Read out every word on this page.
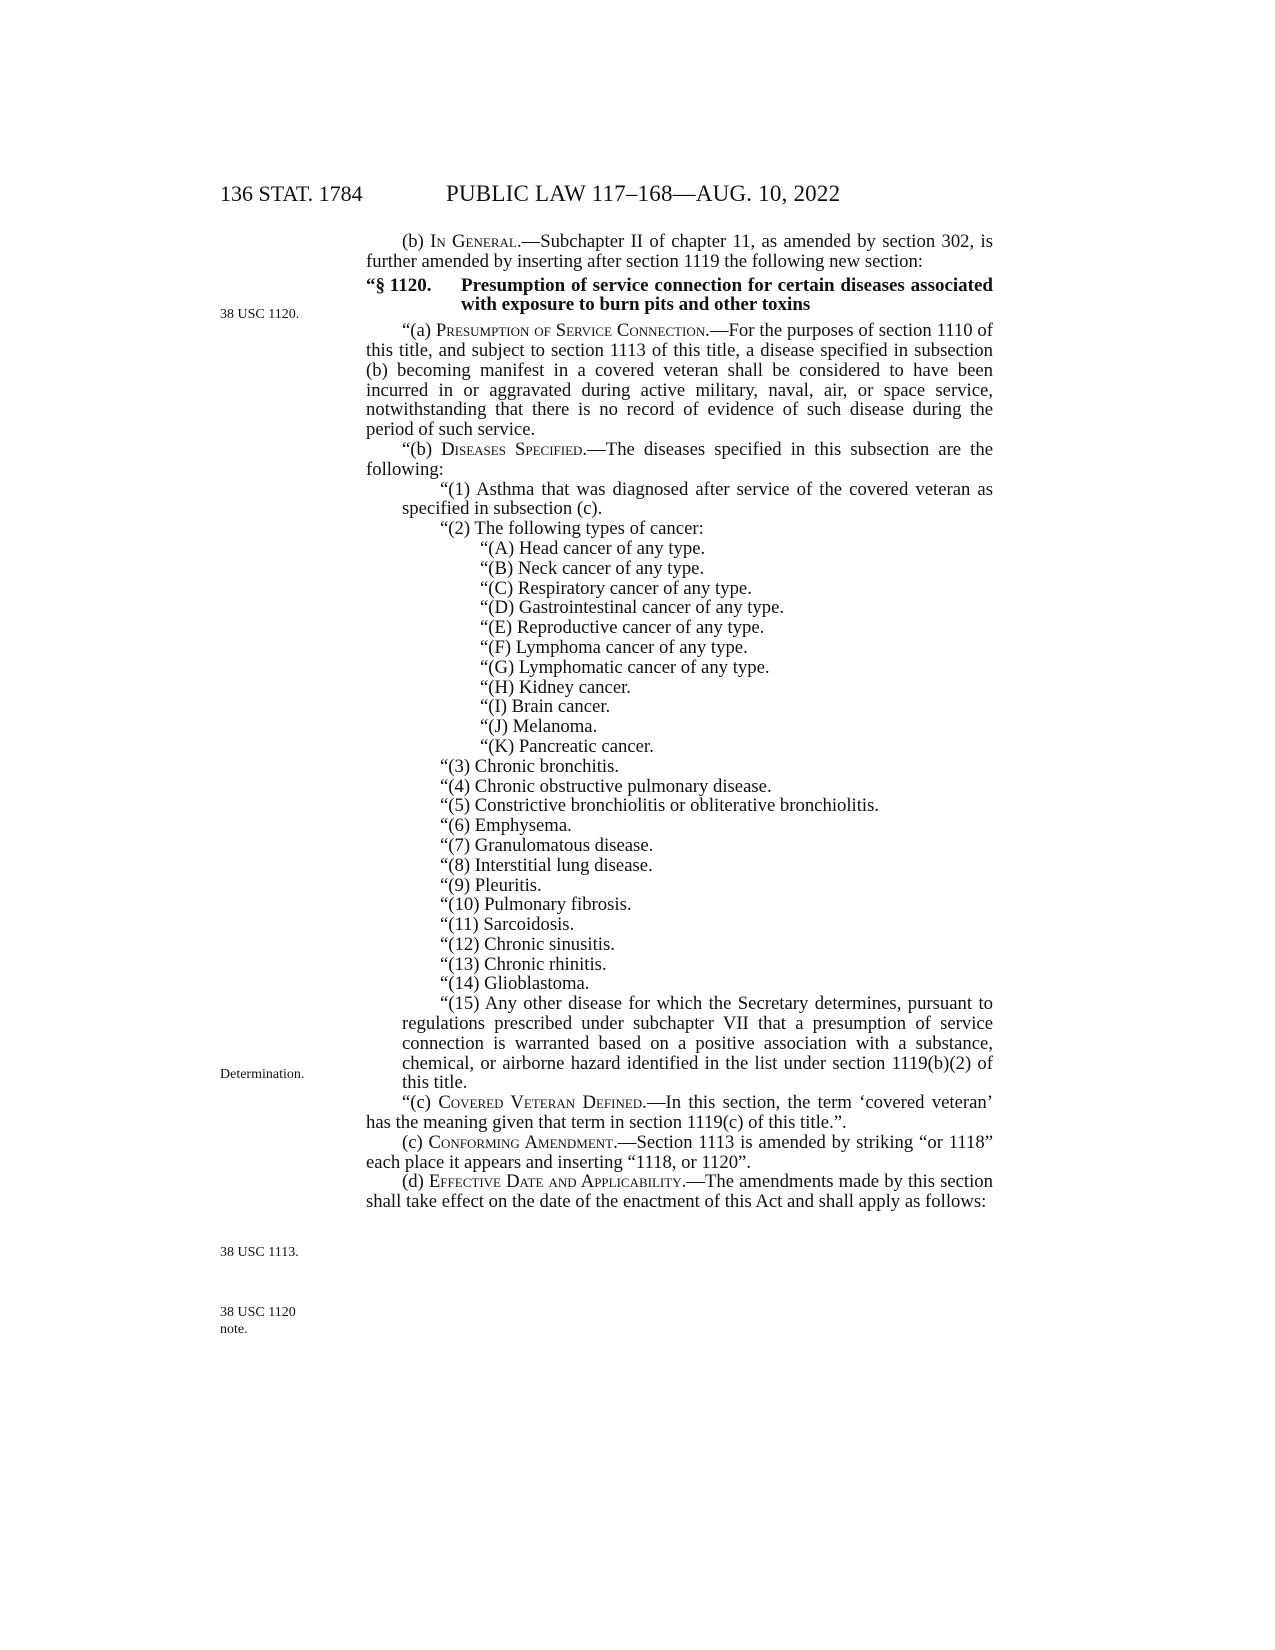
136 STAT. 1784	PUBLIC LAW 117–168—AUG. 10, 2022
38 USC 1120.
Determination.
38 USC 1113.
38 USC 1120
note.
(b) In General.—Subchapter II of chapter 11, as amended by section 302, is further amended by inserting after section 1119 the following new section:
“§ 1120.	Presumption of service connection for certain diseases associated with exposure to burn pits and other toxins
“(a) Presumption of Service Connection.—For the purposes of section 1110 of this title, and subject to section 1113 of this title, a disease specified in subsection (b) becoming manifest in a covered veteran shall be considered to have been incurred in or aggravated during active military, naval, air, or space service, notwithstanding that there is no record of evidence of such disease during the period of such service.
“(b) Diseases Specified.—The diseases specified in this subsection are the following:
“(1) Asthma that was diagnosed after service of the covered veteran as specified in subsection (c).
“(2) The following types of cancer:
“(A) Head cancer of any type.
“(B) Neck cancer of any type.
“(C) Respiratory cancer of any type.
“(D) Gastrointestinal cancer of any type.
“(E) Reproductive cancer of any type.
“(F) Lymphoma cancer of any type.
“(G) Lymphomatic cancer of any type.
“(H) Kidney cancer.
“(I) Brain cancer.
“(J) Melanoma.
“(K) Pancreatic cancer.
“(3) Chronic bronchitis.
“(4) Chronic obstructive pulmonary disease.
“(5) Constrictive bronchiolitis or obliterative bronchiolitis.
“(6) Emphysema.
“(7) Granulomatous disease.
“(8) Interstitial lung disease.
“(9) Pleuritis.
“(10) Pulmonary fibrosis.
“(11) Sarcoidosis.
“(12) Chronic sinusitis.
“(13) Chronic rhinitis.
“(14) Glioblastoma.
“(15) Any other disease for which the Secretary determines, pursuant to regulations prescribed under subchapter VII that a presumption of service connection is warranted based on a positive association with a substance, chemical, or airborne hazard identified in the list under section 1119(b)(2) of this title.
“(c) Covered Veteran Defined.—In this section, the term ‘covered veteran’ has the meaning given that term in section 1119(c) of this title.”.
(c) Conforming Amendment.—Section 1113 is amended by striking “or 1118” each place it appears and inserting “1118, or 1120”.
(d) Effective Date and Applicability.—The amendments made by this section shall take effect on the date of the enactment of this Act and shall apply as follows:
